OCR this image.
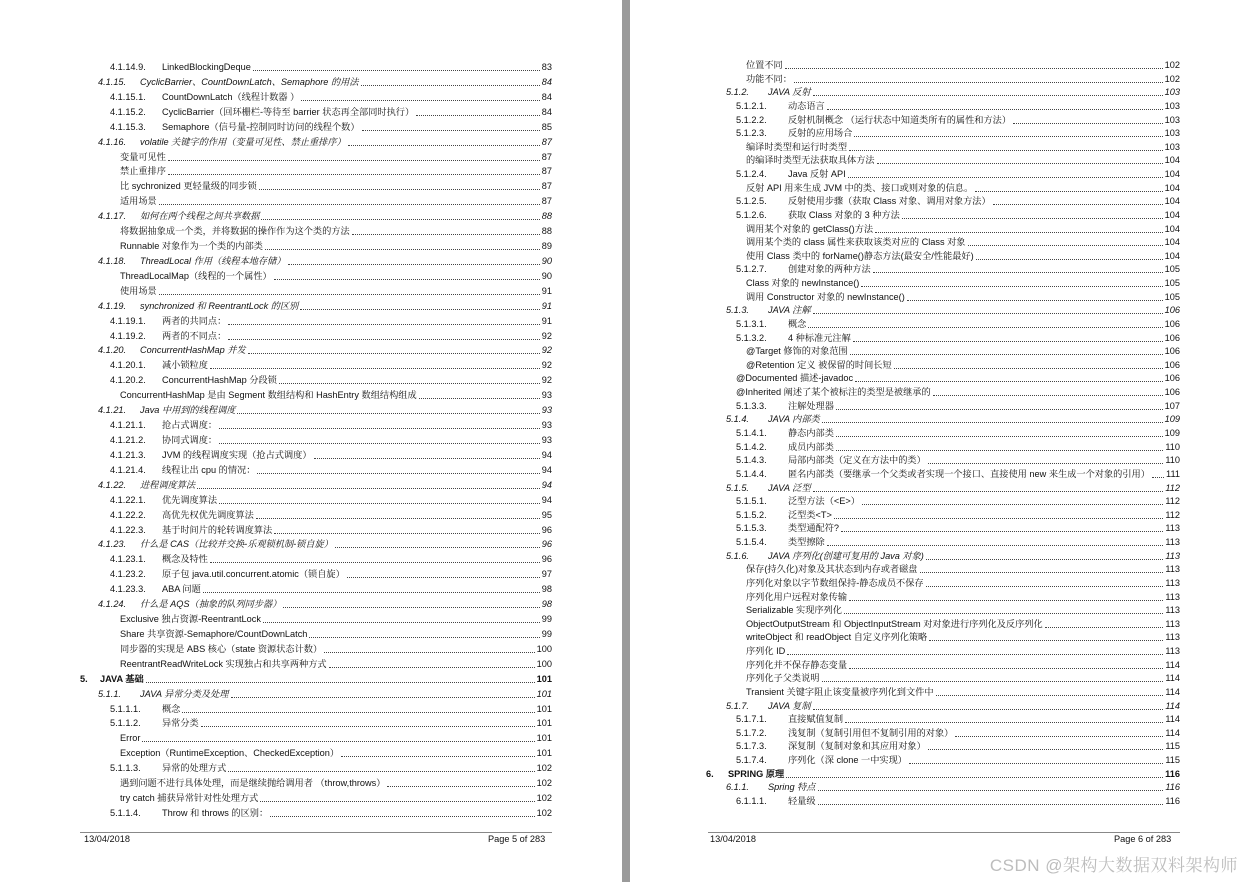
4.1.14.9.	LinkedBlockingDeque	83
4.1.15.	CyclicBarrier、CountDownLatch、Semaphore 的用法	84
4.1.15.1.	CountDownLatch（线程计数器 ）	84
4.1.15.2.	CyclicBarrier（回环栅栏-等待至 barrier 状态再全部同时执行）	84
4.1.15.3.	Semaphore（信号量-控制同时访问的线程个数）	85
4.1.16.	volatile 关键字的作用（变量可见性、禁止重排序）	87
变量可见性	87
禁止重排序	87
比 sychronized 更轻量级的同步锁	87
适用场景	87
4.1.17.	如何在两个线程之间共享数据	88
将数据抽象成一个类，并将数据的操作作为这个类的方法	88
Runnable 对象作为一个类的内部类	89
4.1.18.	ThreadLocal 作用（线程本地存储）	90
ThreadLocalMap（线程的一个属性）	90
使用场景	91
4.1.19.	synchronized 和 ReentrantLock 的区别	91
4.1.19.1.	两者的共同点：	91
4.1.19.2.	两者的不同点：	92
4.1.20.	ConcurrentHashMap 并发	92
4.1.20.1.	减小锁粒度	92
4.1.20.2.	ConcurrentHashMap 分段锁	92
ConcurrentHashMap 是由 Segment 数组结构和 HashEntry 数组结构组成	93
4.1.21.	Java 中用到的线程调度	93
4.1.21.1.	抢占式调度：	93
4.1.21.2.	协同式调度：	93
4.1.21.3.	JVM 的线程调度实现（抢占式调度）	94
4.1.21.4.	线程让出 cpu 的情况：	94
4.1.22.	进程调度算法	94
4.1.22.1.	优先调度算法	94
4.1.22.2.	高优先权优先调度算法	95
4.1.22.3.	基于时间片的轮转调度算法	96
4.1.23.	什么是 CAS（比较并交换-乐观锁机制-锁自旋）	96
4.1.23.1.	概念及特性	96
4.1.23.2.	原子包 java.util.concurrent.atomic（锁自旋）	97
4.1.23.3.	ABA 问题	98
4.1.24.	什么是 AQS（抽象的队列同步器）	98
Exclusive 独占资源-ReentrantLock	99
Share 共享资源-Semaphore/CountDownLatch	99
同步器的实现是 ABS 核心（state 资源状态计数）	100
ReentrantReadWriteLock 实现独占和共享两种方式	100
5.	JAVA 基础	101
5.1.1.	JAVA 异常分类及处理	101
5.1.1.1.	概念	101
5.1.1.2.	异常分类	101
Error	101
Exception（RuntimeException、CheckedException）	101
5.1.1.3.	异常的处理方式	102
遇到问题不进行具体处理，而是继续抛给调用者 （throw,throws）	102
try catch 捕获异常针对性处理方式	102
5.1.1.4.	Throw 和 throws 的区别：	102
13/04/2018	Page 5 of 283
位置不同	102
功能不同：	102
5.1.2.	JAVA 反射	103
5.1.2.1.	动态语言	103
5.1.2.2.	反射机制概念 （运行状态中知道类所有的属性和方法）	103
5.1.2.3.	反射的应用场合	103
编译时类型和运行时类型	103
的编译时类型无法获取具体方法	104
5.1.2.4.	Java 反射 API	104
反射 API 用来生成 JVM 中的类、接口或则对象的信息。	104
5.1.2.5.	反射使用步骤（获取 Class 对象、调用对象方法）	104
5.1.2.6.	获取 Class 对象的 3 种方法	104
调用某个对象的 getClass()方法	104
调用某个类的 class 属性来获取该类对应的 Class 对象	104
使用 Class 类中的 forName()静态方法(最安全/性能最好)	104
5.1.2.7.	创建对象的两种方法	105
Class 对象的 newInstance()	105
调用 Constructor 对象的 newInstance()	105
5.1.3.	JAVA 注解	106
5.1.3.1.	概念	106
5.1.3.2.	4 种标准元注解	106
@Target 修饰的对象范围	106
@Retention 定义 被保留的时间长短	106
@Documented 描述-javadoc	106
@Inherited 阐述了某个被标注的类型是被继承的	106
5.1.3.3.	注解处理器	107
5.1.4.	JAVA 内部类	109
5.1.4.1.	静态内部类	109
5.1.4.2.	成员内部类	110
5.1.4.3.	局部内部类（定义在方法中的类）	110
5.1.4.4.	匿名内部类（要继承一个父类或者实现一个接口、直接使用 new 来生成一个对象的引用） 111
5.1.5.	JAVA 泛型	112
5.1.5.1.	泛型方法（<E>）	112
5.1.5.2.	泛型类<T>	112
5.1.5.3.	类型通配符?	113
5.1.5.4.	类型擦除	113
5.1.6.	JAVA 序列化(创建可复用的 Java 对象)	113
保存(持久化)对象及其状态到内存或者磁盘	113
序列化对象以字节数组保持-静态成员不保存	113
序列化用户远程对象传输	113
Serializable 实现序列化	113
ObjectOutputStream 和 ObjectInputStream 对对象进行序列化及反序列化	113
writeObject 和 readObject 自定义序列化策略	113
序列化 ID	113
序列化并不保存静态变量	114
序列化子父类说明	114
Transient 关键字阻止该变量被序列化到文件中	114
5.1.7.	JAVA 复制	114
5.1.7.1.	直接赋值复制	114
5.1.7.2.	浅复制（复制引用但不复制引用的对象）	114
5.1.7.3.	深复制（复制对象和其应用对象）	115
5.1.7.4.	序列化（深 clone 一中实现）	115
6.	SPRING 原理	116
6.1.1.	Spring 特点	116
6.1.1.1.	轻量级	116
13/04/2018	Page 6 of 283
CSDN @架构大数据双料架构师
